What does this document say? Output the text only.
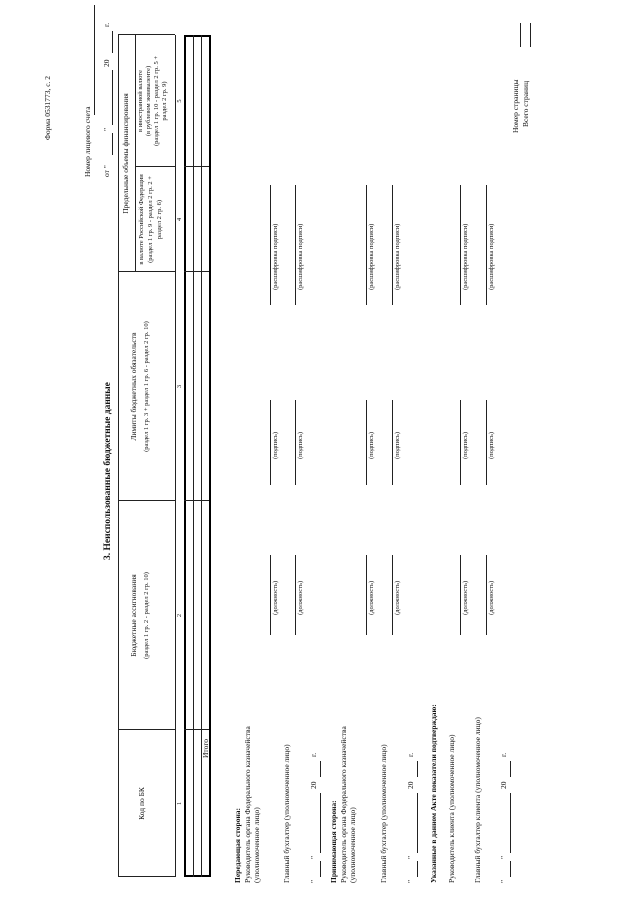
Форма 0531773, с. 2	Номер лицевого счета от "
"
20
г.
3. Неиспользованные бюджетные данные
Код по БК
Бюджетные ассигнования (раздел 1 гр. 2 - раздел 2 гр. 10)
Лимиты бюджетных обязательств (раздел 1 гр. 3 + раздел 1 гр. 6 - раздел 2 гр. 10)
Предельные объемы финансирования
в валюте Российской Федерации (раздел 1 гр. 9 - раздел 2 гр. 2 + раздел 2 гр. 6)
в иностранной валюте (в рублевом эквиваленте) (раздел 1 гр. 10 - раздел 2 гр. 5 + раздел 2 гр. 9)
1
2
3
4
5
Итого
Передающая сторона: Руководитель органа Федерального казначейства (уполномоченное лицо)
(должность)
(подпись)
(расшифровка подписи)
Главный бухгалтер (уполномоченное лицо)
(должность)
(подпись)
(расшифровка подписи)
"
"
20
г.
Принимающая сторона: Руководитель органа Федерального казначейства (уполномоченное лицо)
(должность)
(подпись)
(расшифровка подписи)
Главный бухгалтер (уполномоченное лицо)
(должность)
(подпись)
(расшифровка подписи)
"
"
20
г. Указанные в данном Акте показатели подтверждаю: Руководитель клиента (уполномоченное лицо)
(должность)
(подпись)
(расшифровка подписи)
Главный бухгалтер клиента (уполномоченное лицо)
(должность)
(подпись)
(расшифровка подписи)
"
"
20
г.
Номер страницы Всего страниц
